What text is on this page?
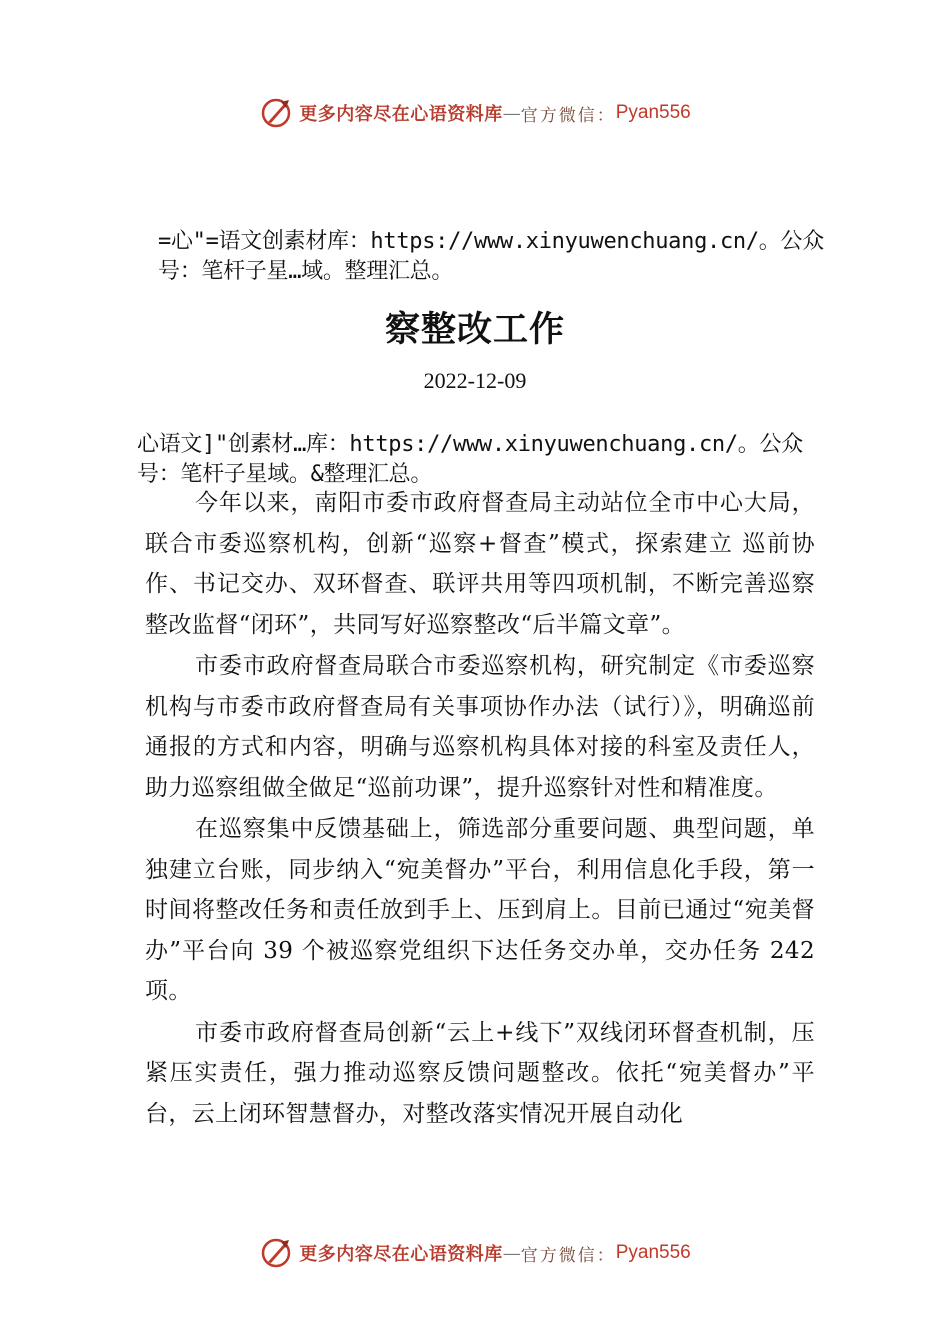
更多内容尽在心语资料库 — 官方微信： Pyan556

=心"=语文创素材库：https://www.xinyuwenchuang.cn/。公众号：笔杆子星…域。整理汇总。

察整改工作

2022-12-09

心语文]"创素材…库：https://www.xinyuwenchuang.cn/。公众号：笔杆子星域。&整理汇总。

今年以来，南阳市委市政府督查局主动站位全市中心大局，联合市委巡察机构，创新“巡察+督查”模式，探索建立 巡前协作、书记交办、双环督查、联评共用等四项机制，不断完善巡察整改监督“闭环”，共同写好巡察整改“后半篇文章”。

市委市政府督查局联合市委巡察机构，研究制定《市委巡察机构与市委市政府督查局有关事项协作办法（试行）》，明确巡前通报的方式和内容，明确与巡察机构具体对接的科室及责任人，助力巡察组做全做足“巡前功课”，提升巡察针对性和精准度。

在巡察集中反馈基础上，筛选部分重要问题、典型问题，单独建立台账，同步纳入“宛美督办”平台，利用信息化手段，第一时间将整改任务和责任放到手上、压到肩上。目前已通过“宛美督办”平台向 39 个被巡察党组织下达任务交办单，交办任务 242 项。

市委市政府督查局创新“云上+线下”双线闭环督查机制，压紧压实责任，强力推动巡察反馈问题整改。依托“宛美督办”平台，云上闭环智慧督办，对整改落实情况开展自动化

更多内容尽在心语资料库 — 官方微信： Pyan556
